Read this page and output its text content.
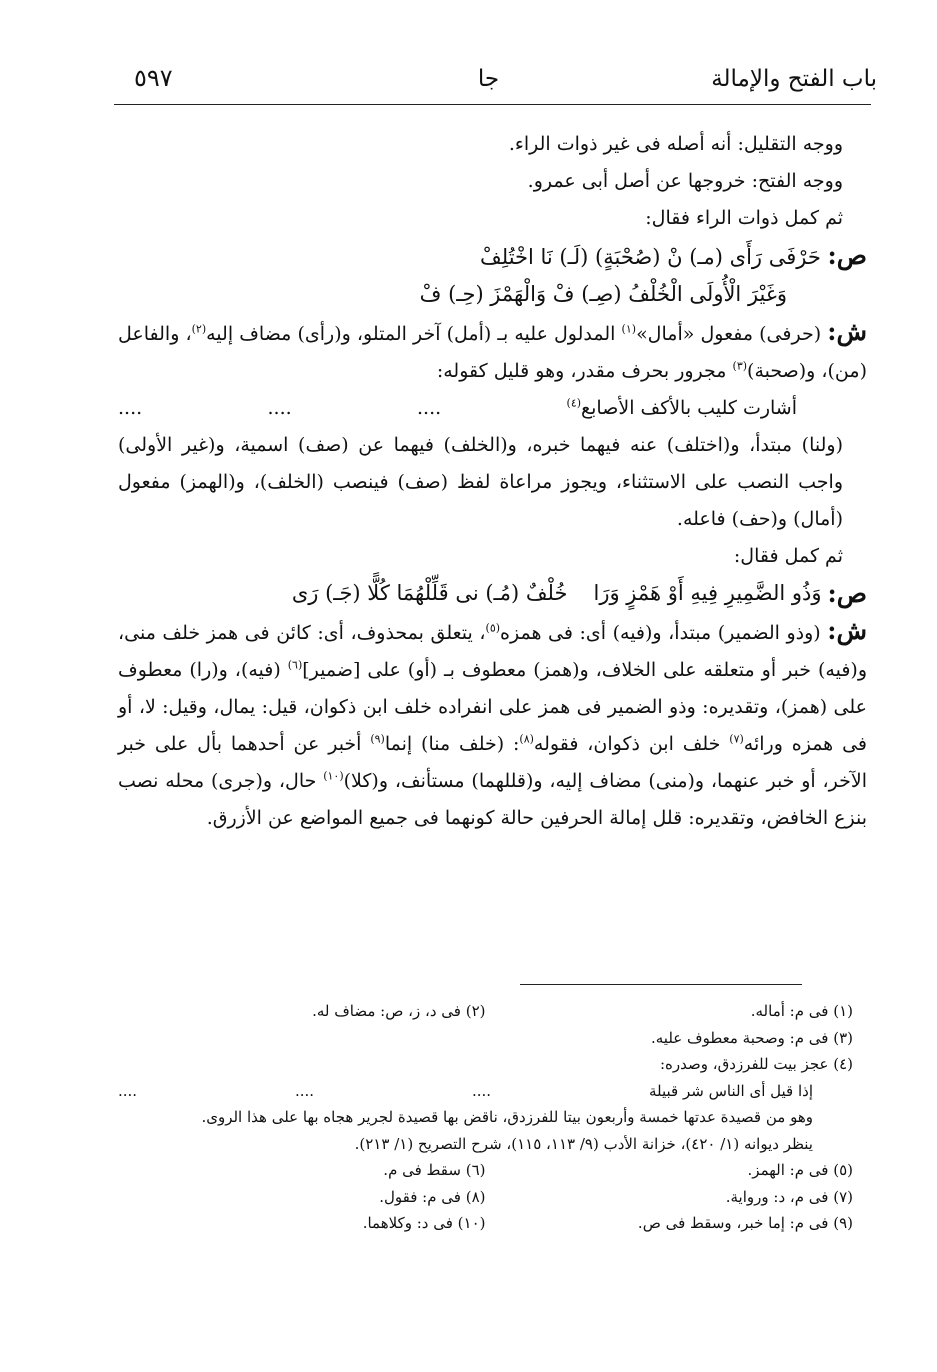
باب الفتح والإمالة
جا
٥٩٧

ووجه التقليل: أنه أصله فى غير ذوات الراء.

ووجه الفتح: خروجها عن أصل أبى عمرو.

ثم كمل ذوات الراء فقال:

ص: حَرْفَى رَأَى (مـ) نْ (صُحْبَةٍ) (لَـ) نَا اخْتُلِفْ
وَغَيْرَ الْأُولَى الْخُلْفُ (صِـ) فْ وَالْهَمْزَ (حِـ) فْ

ش: (حرفى) مفعول «أمال»$^{(١)}$ المدلول عليه بـ (أمل) آخر المتلو، و(رأى) مضاف إليه$^{(٢)}$، والفاعل (من)، و(صحبة)$^{(٣)}$ مجرور بحرف مقدر، وهو قليل كقوله:

أشارت كليب بالأكف الأصابع$^{(٤)}$
....
....
....

(ولنا) مبتدأ، و(اختلف) عنه فيهما خبره، و(الخلف) فيهما عن (صف) اسمية، و(غير الأولى) واجب النصب على الاستثناء، ويجوز مراعاة لفظ (صف) فينصب (الخلف)، و(الهمز) مفعول (أمال) و(حف) فاعله.

ثم كمل فقال:

ص:
وَذُو الضَّمِيرِ فِيهِ أَوْ هَمْزٍ وَرَا
خُلْفٌ (مُـ) نى قَلِّلْهُمَا كُلًّا (جَـ) رَى

ش: (وذو الضمير) مبتدأ، و(فيه) أى: فى همزه$^{(٥)}$، يتعلق بمحذوف، أى: كائن فى همز خلف منى، و(فيه) خبر أو متعلقه على الخلاف، و(همز) معطوف بـ (أو) على [ضمير]$^{(٦)}$ (فيه)، و(را) معطوف على (همز)، وتقديره: وذو الضمير فى همز على انفراده خلف ابن ذكوان، قيل: يمال، وقيل: لا، أو فى همزه ورائه$^{(٧)}$ خلف ابن ذكوان، فقوله$^{(٨)}$: (خلف منا) إنما$^{(٩)}$ أخبر عن أحدهما بأل على خبر الآخر، أو خبر عنهما، و(منى) مضاف إليه، و(قللهما) مستأنف، و(كلا)$^{(١٠)}$ حال، و(جرى) محله نصب بنزع الخافض، وتقديره: قلل إمالة الحرفين حالة كونهما فى جميع المواضع عن الأزرق.

(١) فى م: أماله.
(٢) فى د، ز، ص: مضاف له.
(٣) فى م: وصحبة معطوف عليه.
(٤) عجز بيت للفرزدق، وصدره:
إذا قيل أى الناس شر قبيلة
....
....
....
وهو من قصيدة عدتها خمسة وأربعون بيتا للفرزدق، ناقض بها قصيدة لجرير هجاه بها على هذا الروى.
ينظر ديوانه (١/ ٤٢٠)، خزانة الأدب (٩/ ١١٣، ١١٥)، شرح التصريح (١/ ٢١٣).
(٥) فى م: الهمز.
(٦) سقط فى م.
(٧) فى م، د: ورواية.
(٨) فى م: فقول.
(٩) فى م: إما خبر، وسقط فى ص.
(١٠) فى د: وكلاهما.
